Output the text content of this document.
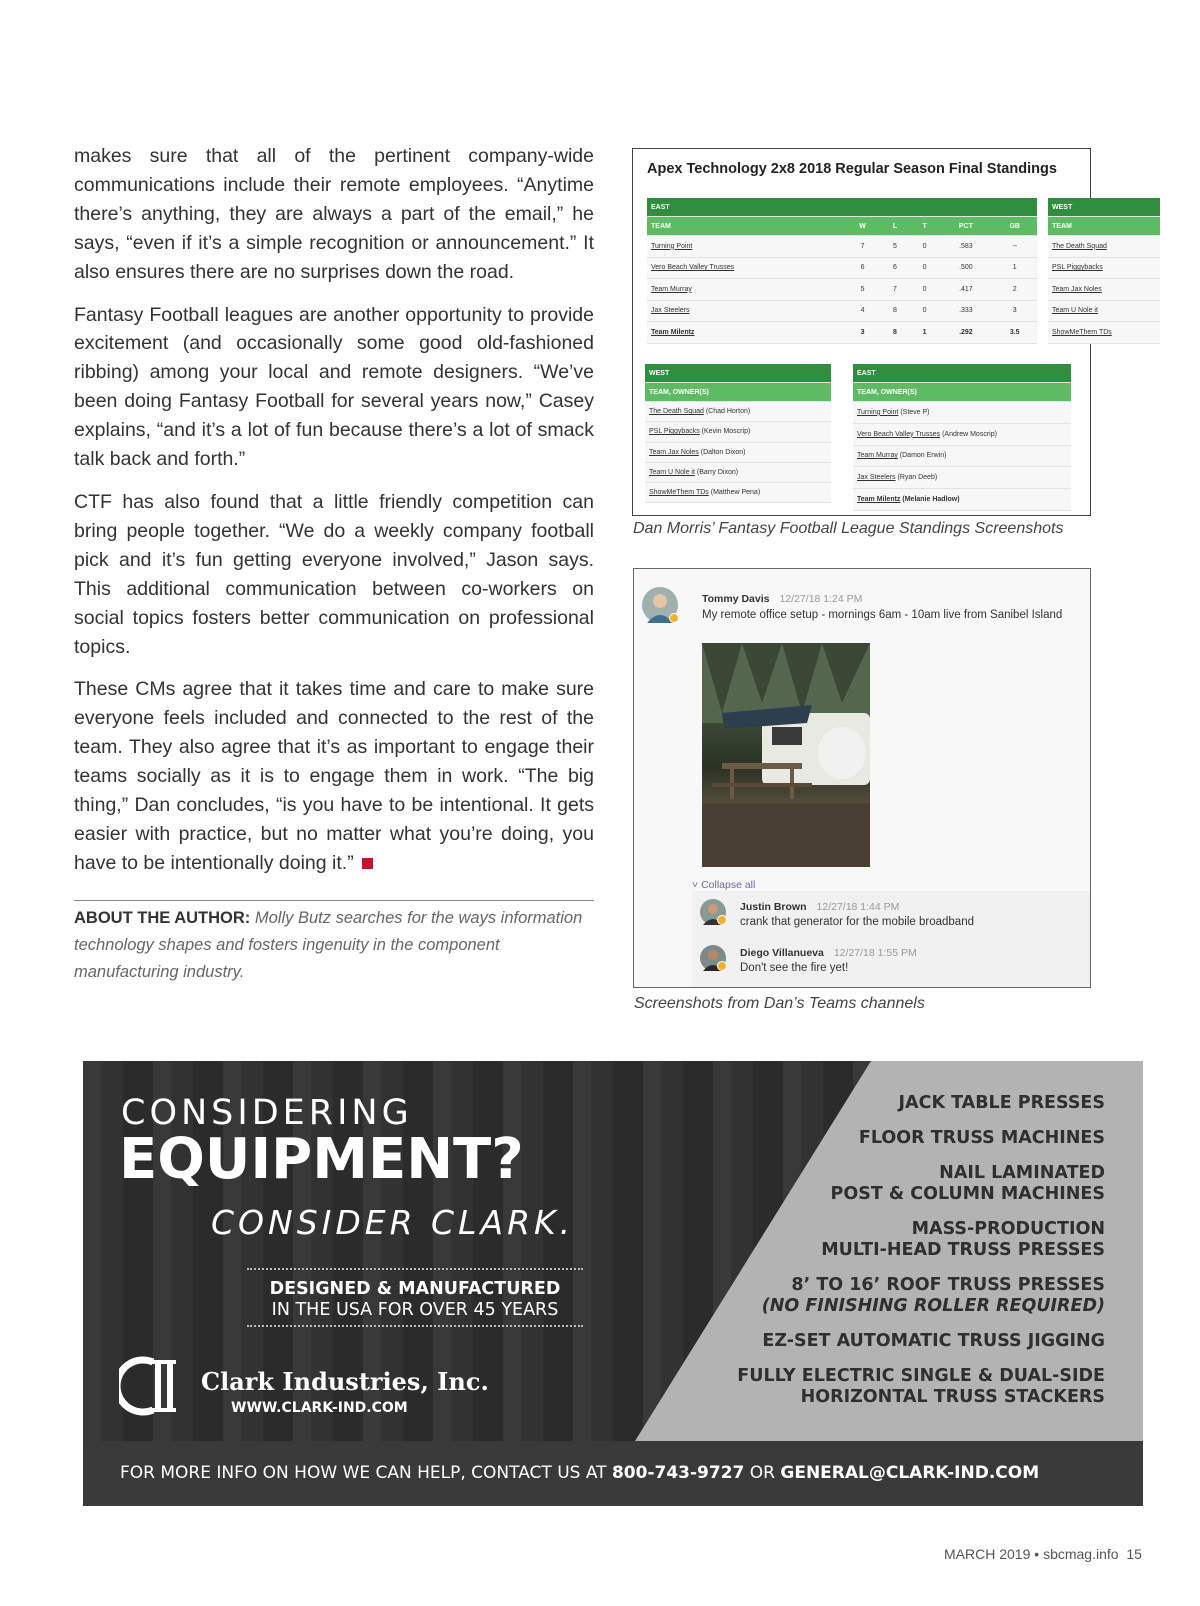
makes sure that all of the pertinent company-wide communications include their remote employees. “Anytime there’s anything, they are always a part of the email,” he says, “even if it’s a simple recognition or announcement.” It also ensures there are no surprises down the road.

Fantasy Football leagues are another opportunity to provide excitement (and occasionally some good old-fashioned ribbing) among your local and remote designers. “We’ve been doing Fantasy Football for several years now,” Casey explains, “and it’s a lot of fun because there’s a lot of smack talk back and forth.”

CTF has also found that a little friendly competition can bring people together. “We do a weekly company football pick and it’s fun getting everyone involved,” Jason says. This additional communication between co-workers on social topics fosters better communication on professional topics.

These CMs agree that it takes time and care to make sure everyone feels included and connected to the rest of the team. They also agree that it’s as important to engage their teams socially as it is to engage them in work. “The big thing,” Dan concludes, “is you have to be intentional. It gets easier with practice, but no matter what you’re doing, you have to be intentionally doing it.”

ABOUT THE AUTHOR: Molly Butz searches for the ways information technology shapes and fosters ingenuity in the component manufacturing industry.
Apex Technology 2x8 2018 Regular Season Final Standings
EAST					
TEAM	W	L	T	PCT	GB
Turning Point	7	5	0	.583	--
Vero Beach Valley Trusses	6	6	0	.500	1
Team Murray	5	7	0	.417	2
Jax Steelers	4	8	0	.333	3
Team Milentz	3	8	1	.292	3.5
WEST
TEAM
The Death Squad
PSL Piggybacks
Team Jax Noles
Team U Nole it
ShowMeThem TDs
WEST
TEAM, OWNER(S)
The Death Squad (Chad Horton)
PSL Piggybacks (Kevin Moscrip)
Team Jax Noles (Dalton Dixon)
Team U Nole it (Barry Dixon)
ShowMeThem TDs (Matthew Pena)
EAST
TEAM, OWNER(S)
Turning Point (Steve P)
Vero Beach Valley Trusses (Andrew Moscrip)
Team Murray (Damon Erwin)
Jax Steelers (Ryan Deeb)
Team Milentz (Melanie Hadlow)
Dan Morris’ Fantasy Football League Standings Screenshots
Tommy Davis 12/27/18 1:24 PM
My remote office setup - mornings 6am - 10am live from Sanibel Island
˅ Collapse all
Justin Brown 12/27/18 1:44 PM
crank that generator for the mobile broadband
Diego Villanueva 12/27/18 1:55 PM
Don't see the fire yet!
Screenshots from Dan’s Teams channels
CONSIDERING
EQUIPMENT?
CONSIDER CLARK.
DESIGNED & MANUFACTURED
IN THE USA FOR OVER 45 YEARS
Clark Industries, Inc.
WWW.CLARK-IND.COM
JACK TABLE PRESSES
FLOOR TRUSS MACHINES
NAIL LAMINATED
POST & COLUMN MACHINES
MASS-PRODUCTION
MULTI-HEAD TRUSS PRESSES
8’ TO 16’ ROOF TRUSS PRESSES
(NO FINISHING ROLLER REQUIRED)
EZ-SET AUTOMATIC TRUSS JIGGING
FULLY ELECTRIC SINGLE & DUAL-SIDE
HORIZONTAL TRUSS STACKERS
FOR MORE INFO ON HOW WE CAN HELP, CONTACT US AT 800-743-9727 OR GENERAL@CLARK-IND.COM
MARCH 2019 • sbcmag.info 15
